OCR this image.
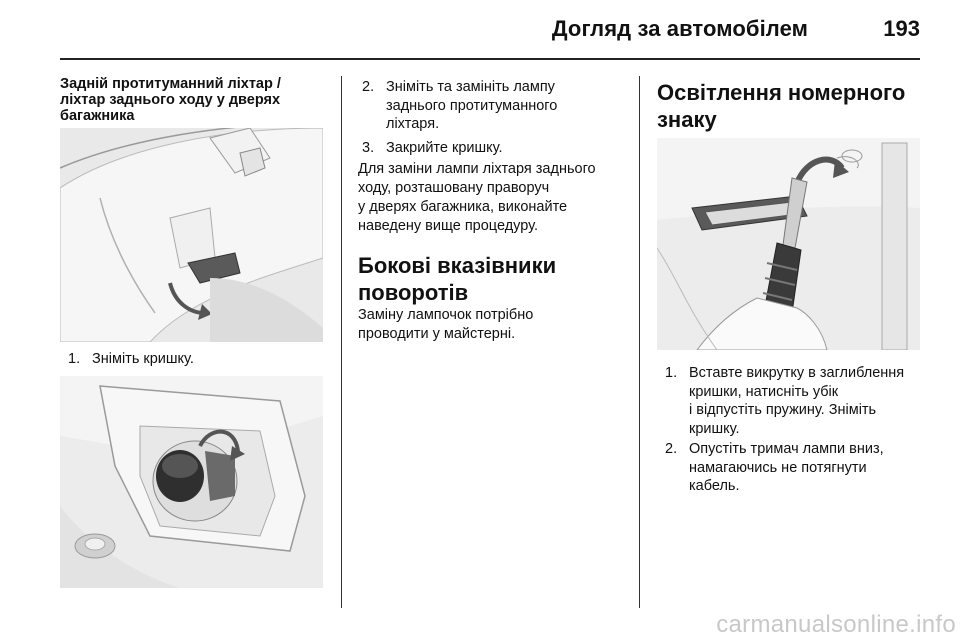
Догляд за автомобілем	193
Задній протитуманний ліхтар /
ліхтар заднього ходу у дверях
багажника
1. Зніміть кришку.
2. Зніміть та замініть лампу
заднього протитуманного
ліхтаря.
3. Закрийте кришку.
Для заміни лампи ліхтаря заднього
ходу, розташовану праворуч
у дверях багажника, виконайте
наведену вище процедуру.
Бокові вказівники
поворотів
Заміну лампочок потрібно
проводити у майстерні.
Освітлення номерного
знаку
1. Вставте викрутку в заглиблення
кришки, натисніть убік
і відпустіть пружину. Зніміть
кришку.
2. Опустіть тримач лампи вниз,
намагаючись не потягнути
кабель.
carmanualsonline.info
